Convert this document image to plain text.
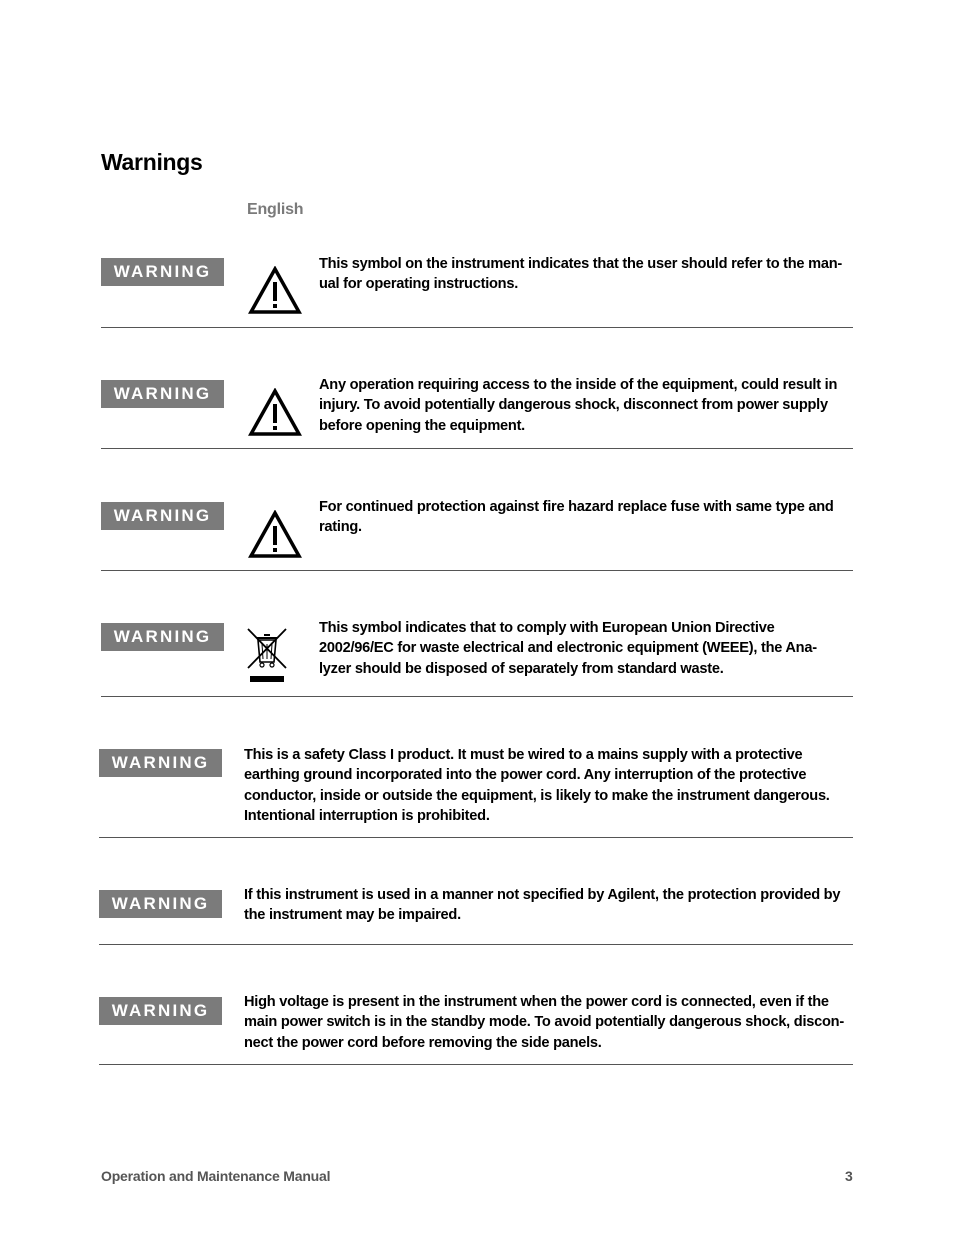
Warnings
English
WARNING	This symbol on the instrument indicates that the user should refer to the man-
ual for operating instructions.
WARNING	Any operation requiring access to the inside of the equipment, could result in
injury. To avoid potentially dangerous shock, disconnect from power supply
before opening the equipment.
WARNING	For continued protection against fire hazard replace fuse with same type and
rating.
WARNING	This symbol indicates that to comply with European Union Directive
2002/96/EC for waste electrical and electronic equipment (WEEE), the Ana-
lyzer should be disposed of separately from standard waste.
WARNING	This is a safety Class I product. It must be wired to a mains supply with a protective
earthing ground incorporated into the power cord. Any interruption of the protective
conductor, inside or outside the equipment, is likely to make the instrument dangerous.
Intentional interruption is prohibited.
WARNING	If this instrument is used in a manner not specified by Agilent, the protection provided by
the instrument may be impaired.
WARNING	High voltage is present in the instrument when the power cord is connected, even if the
main power switch is in the standby mode. To avoid potentially dangerous shock, discon-
nect the power cord before removing the side panels.
Operation and Maintenance Manual	3
